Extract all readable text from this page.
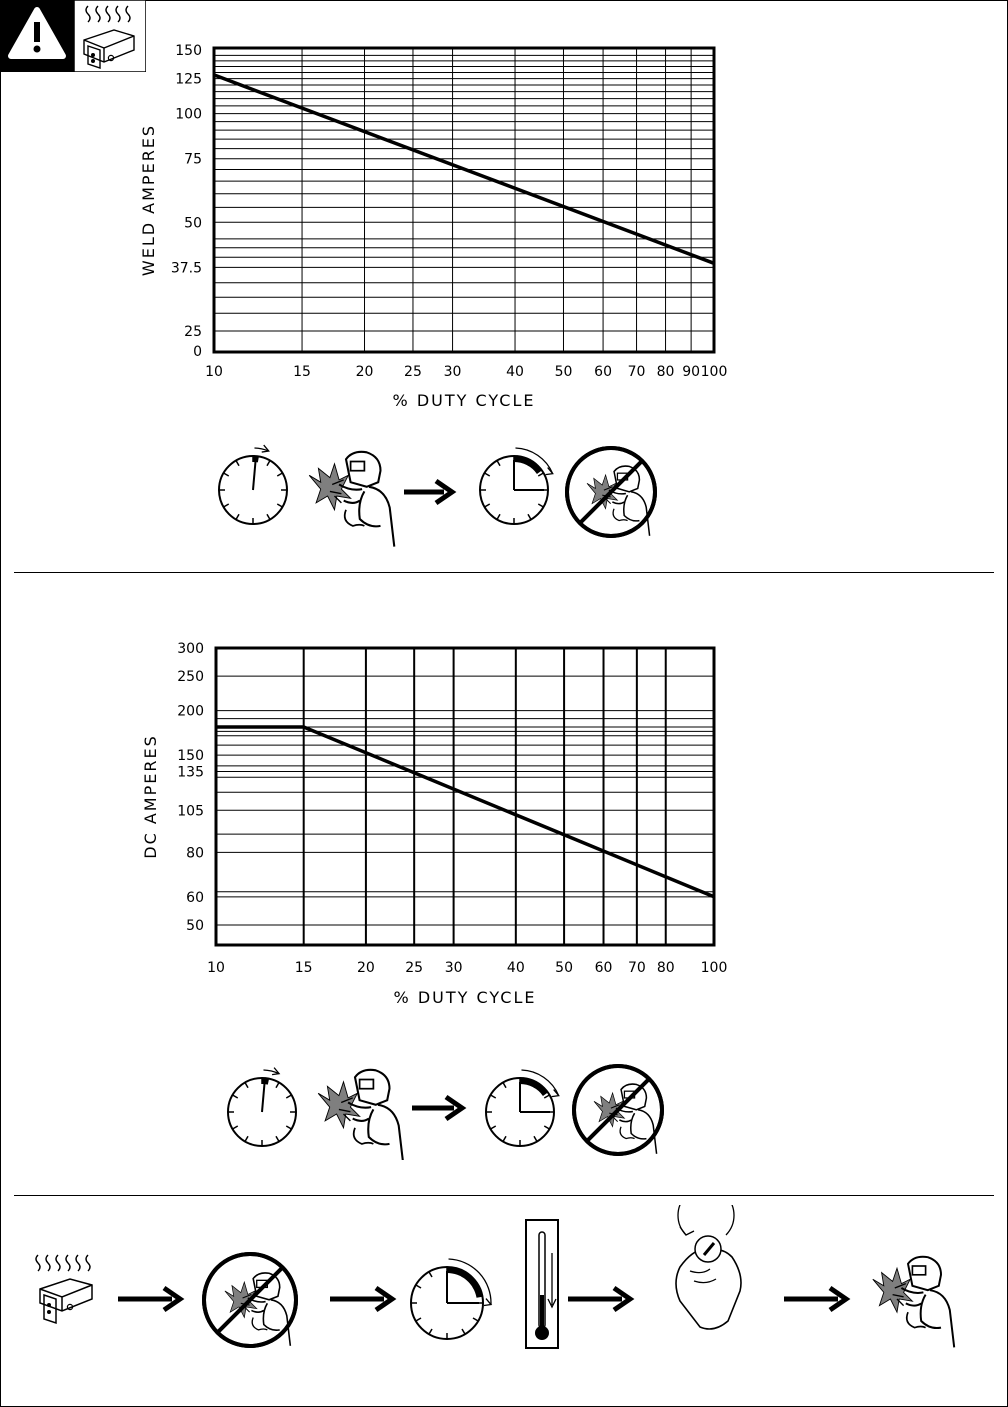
10	15	20 25 30	40 50 60 70 80 90 100
0
25
37.5
50
75
100
125
150
% DUTY CYCLE
WELD AMPERES
10	15	20 25 30	40 50 60 70 80 100
50
60
80
105
135
150
200
250
300
% DUTY CYCLE
DC AMPERES
